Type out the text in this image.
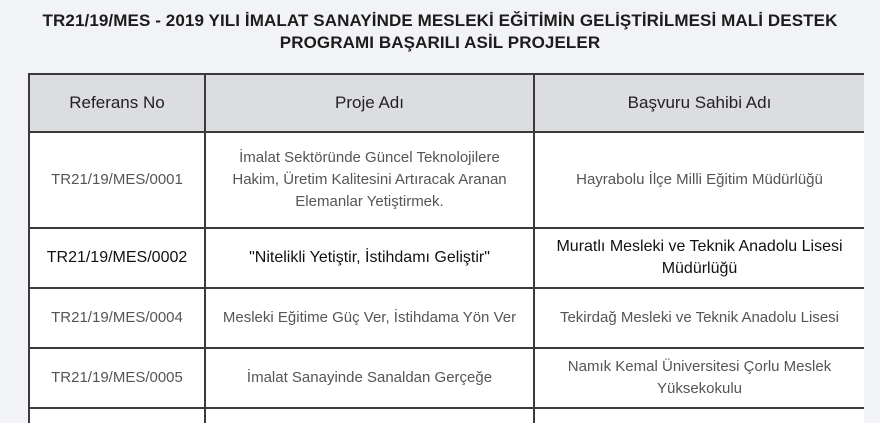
TR21/19/MES - 2019 YILI İMALAT SANAYİNDE MESLEKİ EĞİTİMİN GELİŞTİRİLMESİ MALİ DESTEK PROGRAMI BAŞARILI ASİL PROJELER
Referans No	Proje Adı	Başvuru Sahibi Adı
TR21/19/MES/0001	İmalat Sektöründe Güncel Teknolojilere Hakim, Üretim Kalitesini Artıracak Aranan Elemanlar Yetiştirmek.	Hayrabolu İlçe Milli Eğitim Müdürlüğü
TR21/19/MES/0002	"Nitelikli Yetiştir, İstihdamı Geliştir"	Muratlı Mesleki ve Teknik Anadolu Lisesi Müdürlüğü
TR21/19/MES/0004	Mesleki Eğitime Güç Ver, İstihdama Yön Ver	Tekirdağ Mesleki ve Teknik Anadolu Lisesi
TR21/19/MES/0005	İmalat Sanayinde Sanaldan Gerçeğe	Namık Kemal Üniversitesi Çorlu Meslek Yüksekokulu
